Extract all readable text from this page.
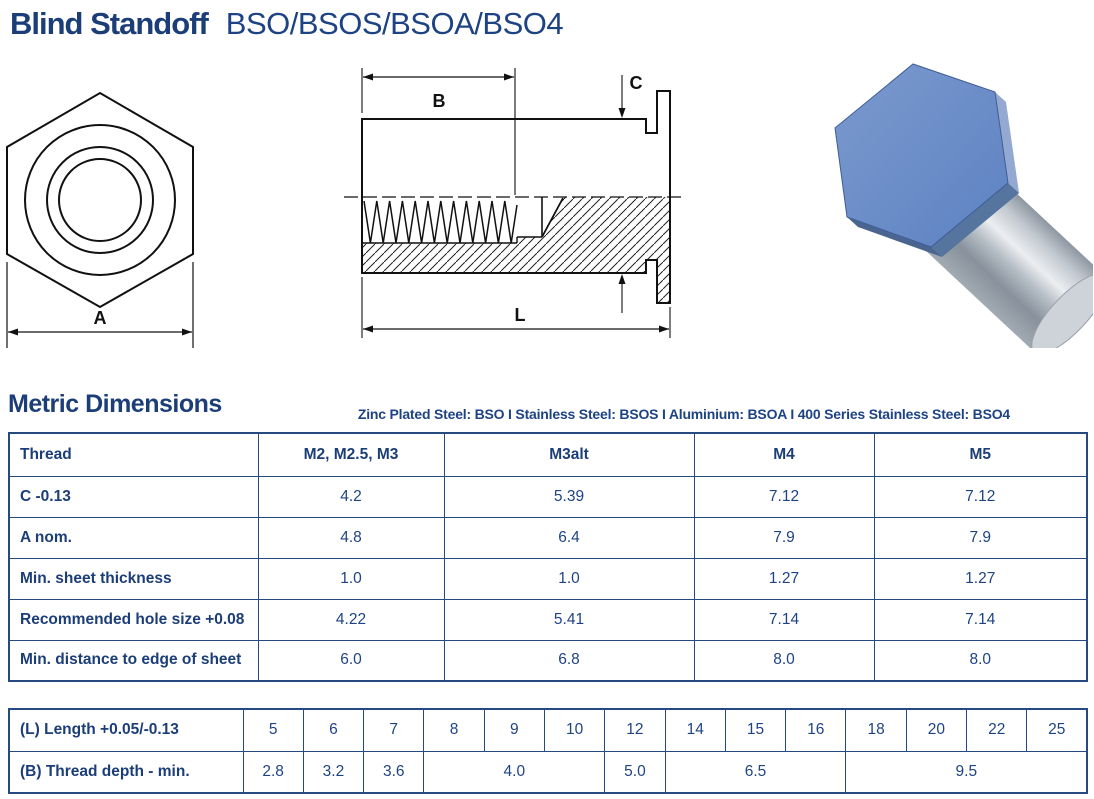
Blind Standoff BSO/BSOS/BSOA/BSO4
A
B
C
L
Metric Dimensions	Zinc Plated Steel: BSO I Stainless Steel: BSOS I Aluminium: BSOA I 400 Series Stainless Steel: BSO4
Thread	M2, M2.5, M3	M3alt	M4	M5
C -0.13	4.2	5.39	7.12	7.12
A nom.	4.8	6.4	7.9	7.9
Min. sheet thickness	1.0	1.0	1.27	1.27
Recommended hole size +0.08	4.22	5.41	7.14	7.14
Min. distance to edge of sheet	6.0	6.8	8.0	8.0
(L) Length +0.05/-0.13	5	6	7	8	9	10	12	14	15	16	18	20	22	25
(B) Thread depth - min.	2.8	3.2	3.6	4.0			5.0	6.5			9.5			
